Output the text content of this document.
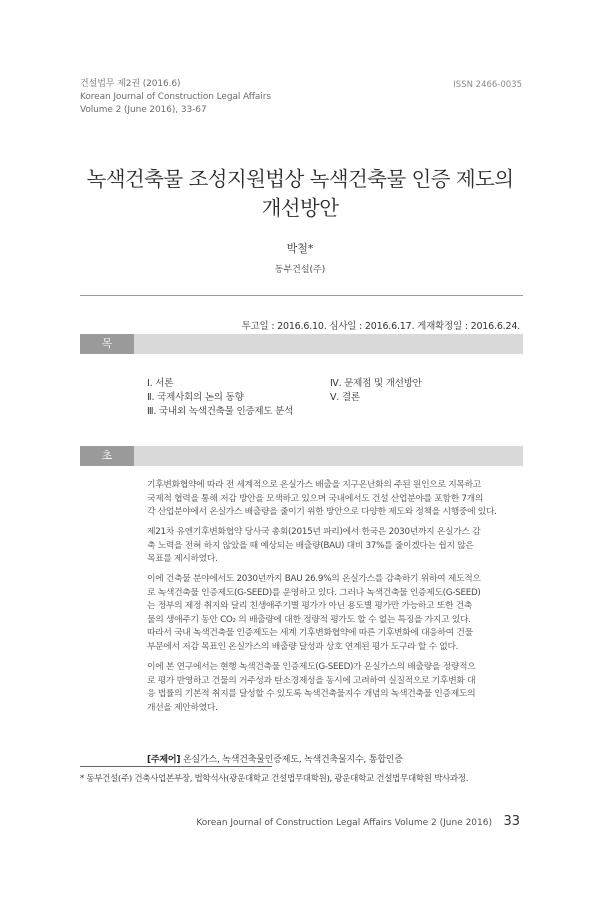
건설법무 제2권 (2016.6)
Korean Journal of Construction Legal Affairs
Volume 2 (June 2016), 33-67
ISSN 2466-0035
녹색건축물 조성지원법상 녹색건축물 인증 제도의
개선방안
박철*
동부건설(주)
투고일 : 2016.6.10. 심사일 : 2016.6.17. 게재확정일 : 2016.6.24.
목 차
Ⅰ. 서론
Ⅱ. 국제사회의 논의 동향
Ⅲ. 국내외 녹색건축물 인증제도 분석
Ⅳ. 문제점 및 개선방안
Ⅴ. 결론
초 록
기후변화협약에 따라 전 세계적으로 온실가스 배출을 지구온난화의 주된 원인으로 지목하고
국제적 협력을 통해 저감 방안을 모색하고 있으며 국내에서도 건설 산업분야를 포함한 7개의
각 산업분야에서 온실가스 배출량을 줄이기 위한 방안으로 다양한 제도와 정책을 시행중에 있다.
제21차 유엔기후변화협약 당사국 총회(2015년 파리)에서 한국은 2030년까지 온실가스 감
축 노력을 전혀 하지 않았을 때 예상되는 배출량(BAU) 대비 37%를 줄이겠다는 쉽지 않은
목표를 제시하였다.
이에 건축물 분야에서도 2030년까지 BAU 26.9%의 온실가스를 감축하기 위하여 제도적으
로 녹색건축물 인증제도(G-SEED)를 운영하고 있다. 그러나 녹색건축물 인증제도(G-SEED)
는 정부의 제정 취지와 달리 친생애주기별 평가가 아닌 용도별 평가만 가능하고 또한 건축
물의 생애주기 동안 CO₂ 의 배출량에 대한 정량적 평가도 할 수 없는 특징을 가지고 있다.
따라서 국내 녹색건축물 인증제도는 세계 기후변화협약에 따른 기후변화에 대응하여 건물
부문에서 저감 목표인 온실가스의 배출량 달성과 상호 연계된 평가 도구라 할 수 없다.
이에 본 연구에서는 현행 녹색건축물 인증제도(G-SEED)가 온실가스의 배출량을 정량적으
로 평가 반영하고 건물의 거주성과 탄소경제성을 동시에 고려하여 실질적으로 기후변화 대
응 법률의 기본적 취지를 달성할 수 있도록 녹색건축물지수 개념의 녹색건축물 인증제도의
개선을 제안하였다.
[주제어] 온실가스, 녹색건축물인증제도, 녹색건축물지수, 통합인증
* 동부건설(주) 건축사업본부장, 법학석사(광운대학교 건설법무대학원), 광운대학교 건설법무대학원 박사과정.
Korean Journal of Construction Legal Affairs Volume 2 (June 2016) 33
